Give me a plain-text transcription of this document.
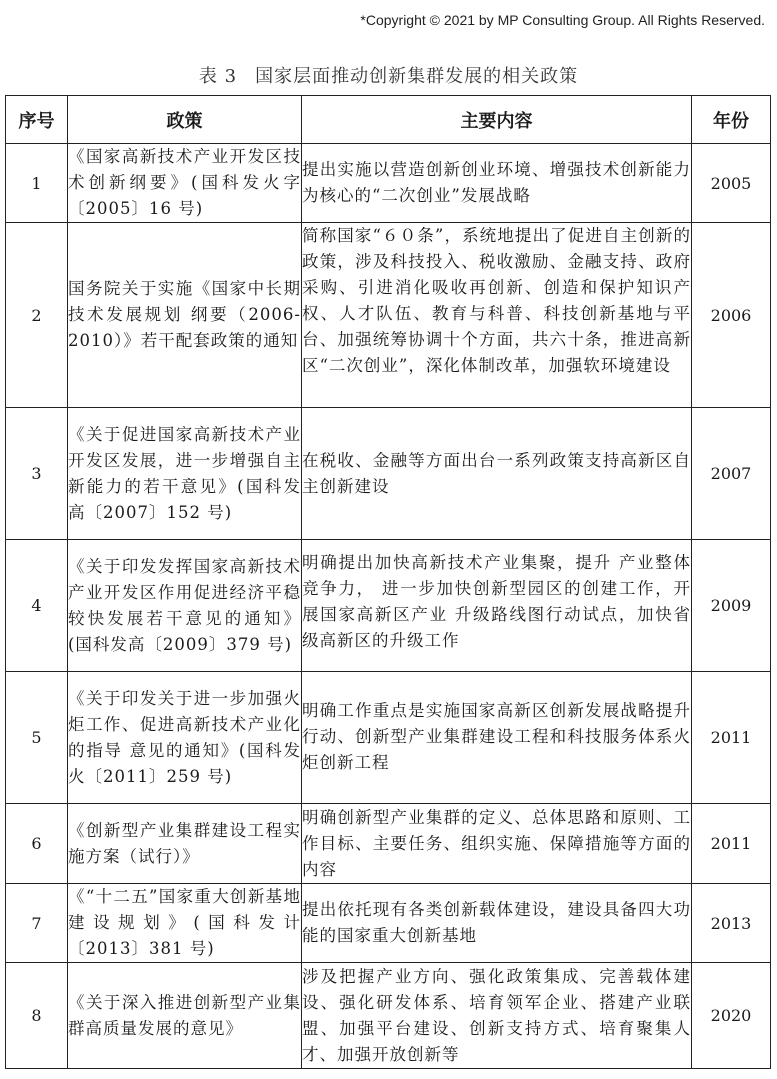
*Copyright © 2021 by MP Consulting Group. All Rights Reserved.
表 3 国家层面推动创新集群发展的相关政策
序号	政策	主要内容	年份
1	《国家高新技术产业开发区技术创新纲要》(国科发火字〔2005〕16 号)	提出实施以营造创新创业环境、增强技术创新能力为核心的“二次创业”发展战略	2005
2	国务院关于实施《国家中长期技术发展规划 纲要（2006-2010）》若干配套政策的通知	简称国家“６０条”，系统地提出了促进自主创新的政策，涉及科技投入、税收激励、金融支持、政府采购、引进消化吸收再创新、创造和保护知识产权、人才队伍、教育与科普、科技创新基地与平台、加强统筹协调十个方面，共六十条，推进高新区“二次创业”，深化体制改革，加强软环境建设	2006
3	《关于促进国家高新技术产业开发区发展，进一步增强自主新能力的若干意见》(国科发高〔2007〕152 号)	在税收、金融等方面出台一系列政策支持高新区自主创新建设	2007
4	《关于印发发挥国家高新技术产业开发区作用促进经济平稳较快发展若干意见的通知》(国科发高〔2009〕379 号)	明确提出加快高新技术产业集聚，提升 产业整体竞争力， 进一步加快创新型园区的创建工作，开展国家高新区产业 升级路线图行动试点，加快省级高新区的升级工作	2009
5	《关于印发关于进一步加强火炬工作、促进高新技术产业化的指导 意见的通知》(国科发火〔2011〕259 号)	明确工作重点是实施国家高新区创新发展战略提升行动、创新型产业集群建设工程和科技服务体系火炬创新工程	2011
6	《创新型产业集群建设工程实施方案（试行）》	明确创新型产业集群的定义、总体思路和原则、工作目标、主要任务、组织实施、保障措施等方面的内容	2011
7	《“十二五”国家重大创新基地建设规划》(国科发计〔2013〕381 号)	提出依托现有各类创新载体建设，建设具备四大功能的国家重大创新基地	2013
8	《关于深入推进创新型产业集群高质量发展的意见》	涉及把握产业方向、强化政策集成、完善载体建设、强化研发体系、培育领军企业、搭建产业联盟、加强平台建设、创新支持方式、培育聚集人才、加强开放创新等	2020
